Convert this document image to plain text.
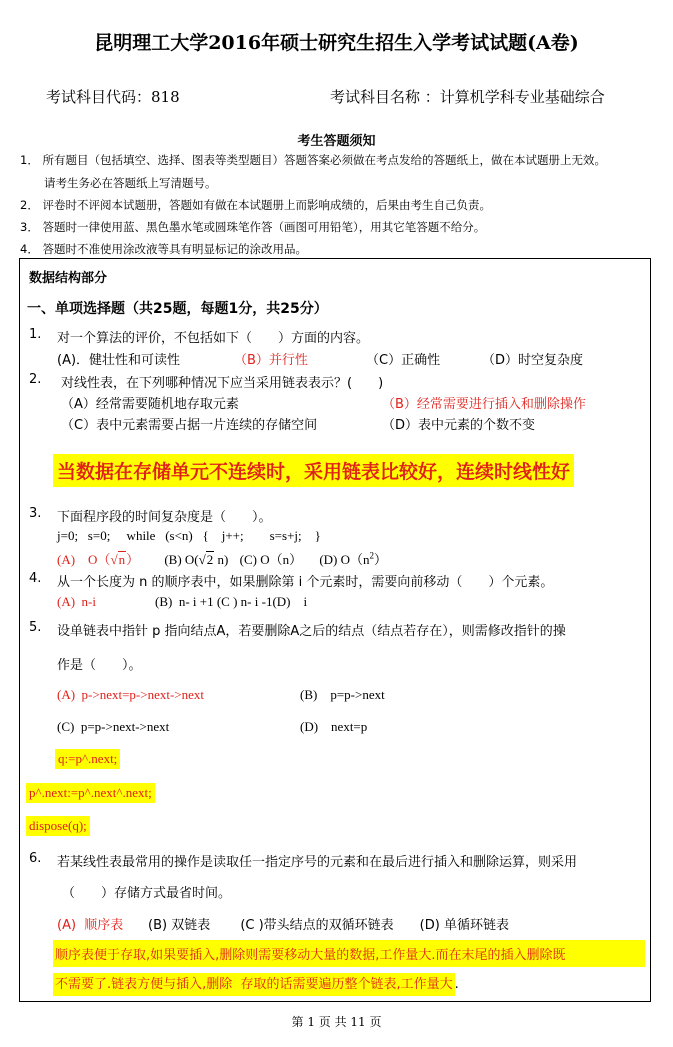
昆明理工大学2016年硕士研究生招生入学考试试题(A卷)
考试科目代码：818	考试科目名称 ：计算机学科专业基础综合
考生答题须知
1． 所有题目（包括填空、选择、图表等类型题目）答题答案必须做在考点发给的答题纸上，做在本试题册上无效。
请考生务必在答题纸上写清题号。
2． 评卷时不评阅本试题册，答题如有做在本试题册上而影响成绩的，后果由考生自己负责。
3． 答题时一律使用蓝、黑色墨水笔或圆珠笔作答（画图可用铅笔），用其它笔答题不给分。
4． 答题时不准使用涂改液等具有明显标记的涂改用品。
数据结构部分
一、单项选择题（共25题，每题1分，共25分）
1. 对一个算法的评价，不包括如下（　　）方面的内容。
(A)．健壮性和可读性	（B）并行性	（C）正确性	（D）时空复杂度
2. 对线性表，在下列哪种情况下应当采用链表表示？(　　)
（A）经常需要随机地存取元素	（B）经常需要进行插入和删除操作
（C）表中元素需要占据一片连续的存储空间	（D）表中元素的个数不变
当数据在存储单元不连续时，采用链表比较好，连续时线性好
3. 下面程序段的时间复杂度是（　　）。
j=0;   s=0;     while   (s<n)   {    j++;        s=s+j;    }
(A)　O（√n） (B) O(√2 n) (C) O（n） (D) $O(n^2)$
4. 从一个长度为 n 的顺序表中，如果删除第 i 个元素时，需要向前移动（　　）个元素。
(A)  n-i	(B)  n- i +1 (C ) n- i -1(D)    i
5. 设单链表中指针 p 指向结点A，若要删除A之后的结点（结点若存在），则需修改指针的操
作是（　　）。
(A)  p->next=p->next->next	(B)    p=p->next
(C)  p=p->next->next	(D)    next=p
q:=p^.next;
p^.next:=p^.next^.next;
dispose(q);
6. 若某线性表最常用的操作是读取任一指定序号的元素和在最后进行插入和删除运算，则采用
（　　）存储方式最省时间。
(A)  顺序表 (B) 双链表　　 (C )带头结点的双循环链表　　(D) 单循环链表
顺序表便于存取,如果要插入,删除则需要移动大量的数据,工作量大.而在末尾的插入删除既
不需要了.链表方便与插入,删除  存取的话需要遍历整个链表,工作量大 .
第 1 页 共 11 页
